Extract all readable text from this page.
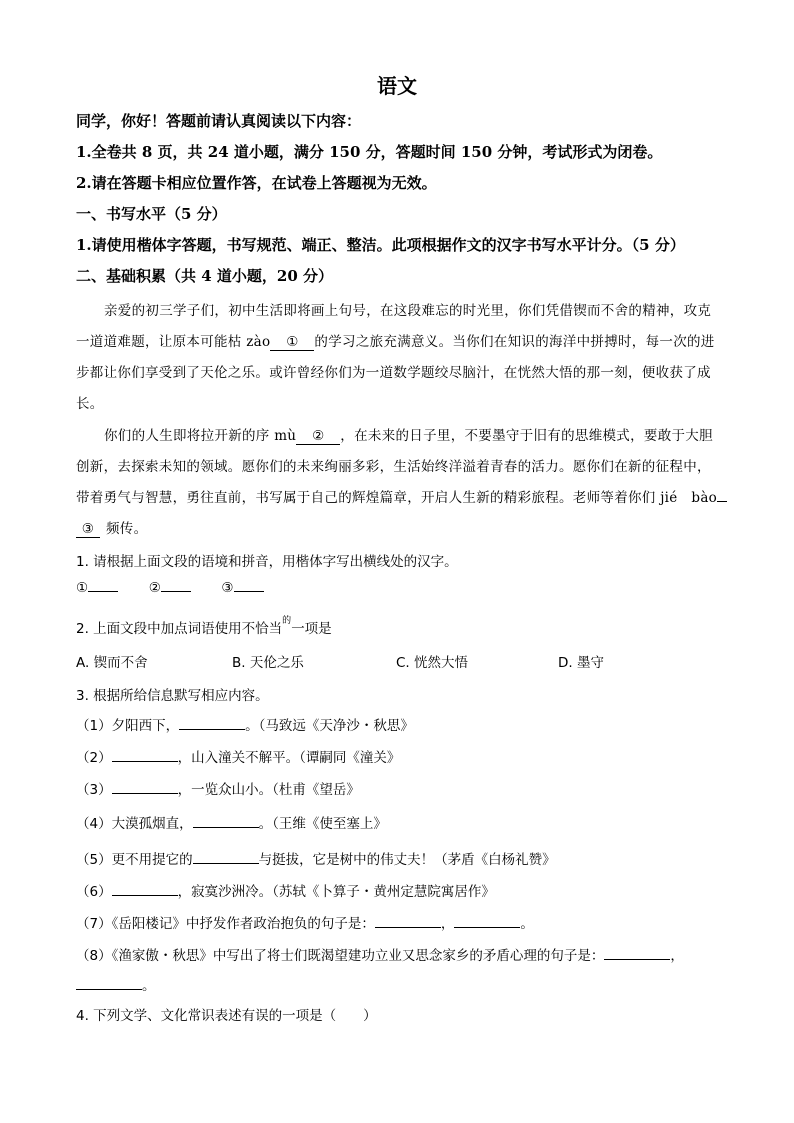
语文
同学，你好！答题前请认真阅读以下内容：
1.全卷共 8 页，共 24 道小题，满分 150 分，答题时间 150 分钟，考试形式为闭卷。
2.请在答题卡相应位置作答，在试卷上答题视为无效。
一、书写水平（5 分）
1.请使用楷体字答题，书写规范、端正、整洁。此项根据作文的汉字书写水平计分。（5 分）
二、基础积累（共 4 道小题，20 分）
亲爱的初三学子们，初中生活即将画上句号，在这段难忘的时光里，你们凭借锲而不舍的精神，攻克
一道道难题，让原本可能枯 zào ① 的学习之旅充满意义。当你们在知识的海洋中拼搏时，每一次的进
步都让你们享受到了天伦之乐。或许曾经你们为一道数学题绞尽脑汁，在恍然大悟的那一刻，便收获了成
长。
你们的人生即将拉开新的序 mù ② ，在未来的日子里，不要墨守于旧有的思维模式，要敢于大胆
创新，去探索未知的领域。愿你们的未来绚丽多彩，生活始终洋溢着青春的活力。愿你们在新的征程中，
带着勇气与智慧，勇往直前，书写属于自己的辉煌篇章，开启人生新的精彩旅程。老师等着你们 jié　bào
③ 频传。
1. 请根据上面文段的语境和拼音，用楷体字写出横线处的汉字。
①	②	③
2. 上面文段中加点词语使用不恰当$^的$一项是
A. 锲而不舍	B. 天伦之乐	C. 恍然大悟	D. 墨守
3. 根据所给信息默写相应内容。
（1）夕阳西下，	。（马致远《天净沙・秋思》
（2）	，山入潼关不解平。（谭嗣同《潼关》
（3）	，一览众山小。（杜甫《望岳》
（4）大漠孤烟直，	。（王维《使至塞上》
（5）更不用提它的	与挺拔，它是树中的伟丈夫！（茅盾《白杨礼赞》
（6）	，寂寞沙洲冷。（苏轼《卜算子・黄州定慧院寓居作》
（7）《岳阳楼记》中抒发作者政治抱负的句子是：	，	。
（8）《渔家傲・秋思》中写出了将士们既渴望建功立业又思念家乡的矛盾心理的句子是：	，
。
4. 下列文学、文化常识表述有误的一项是（　　）
